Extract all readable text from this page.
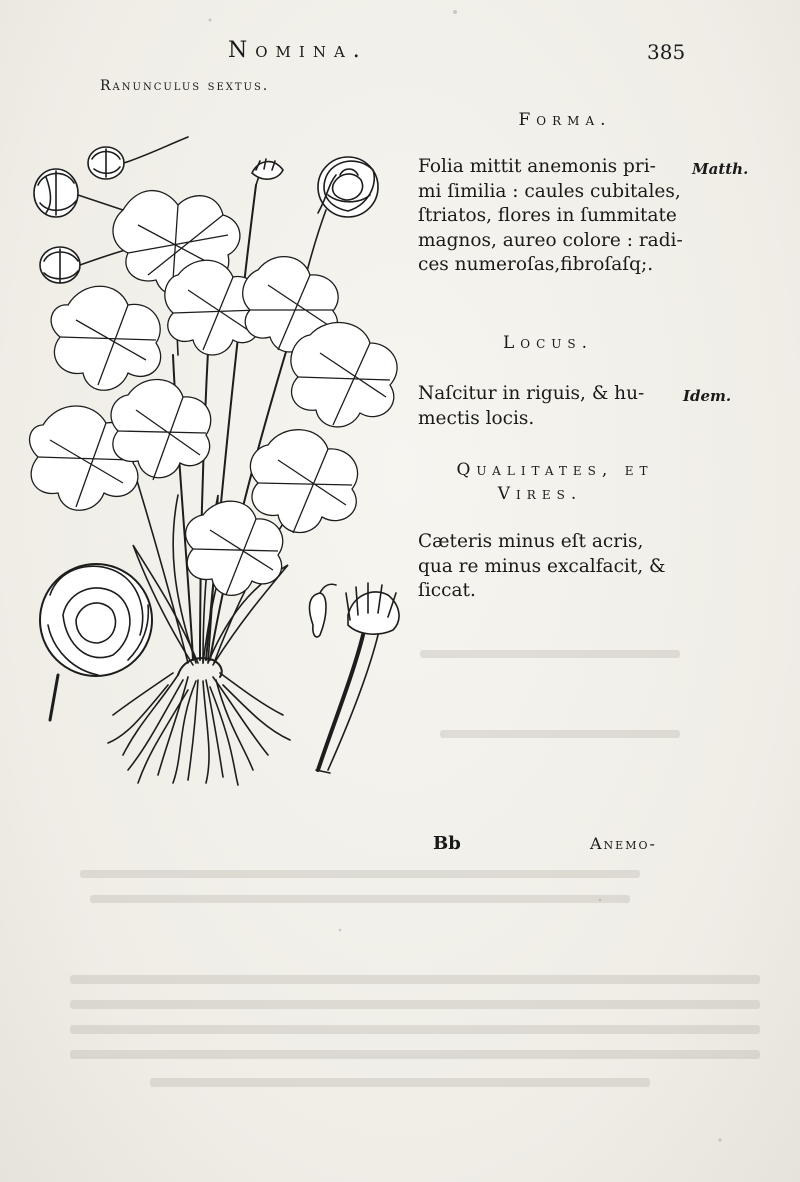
Nomina.	385
Ranunculus sextus.
Forma.
Folia mittit anemonis pri-
mi ſimilia : caules cubitales,
ſtriatos, flores in ſummitate
magnos, aureo colore : radi-
ces numeroſas,fibroſaſq;.
Matth.
Locus.
Naſcitur in riguis, & hu-
mectis locis.
Idem.
Qualitates, et
Vires.
Cæteris minus eſt acris,
qua re minus excalfacit, &
ſiccat.
Bb	Anemo-
